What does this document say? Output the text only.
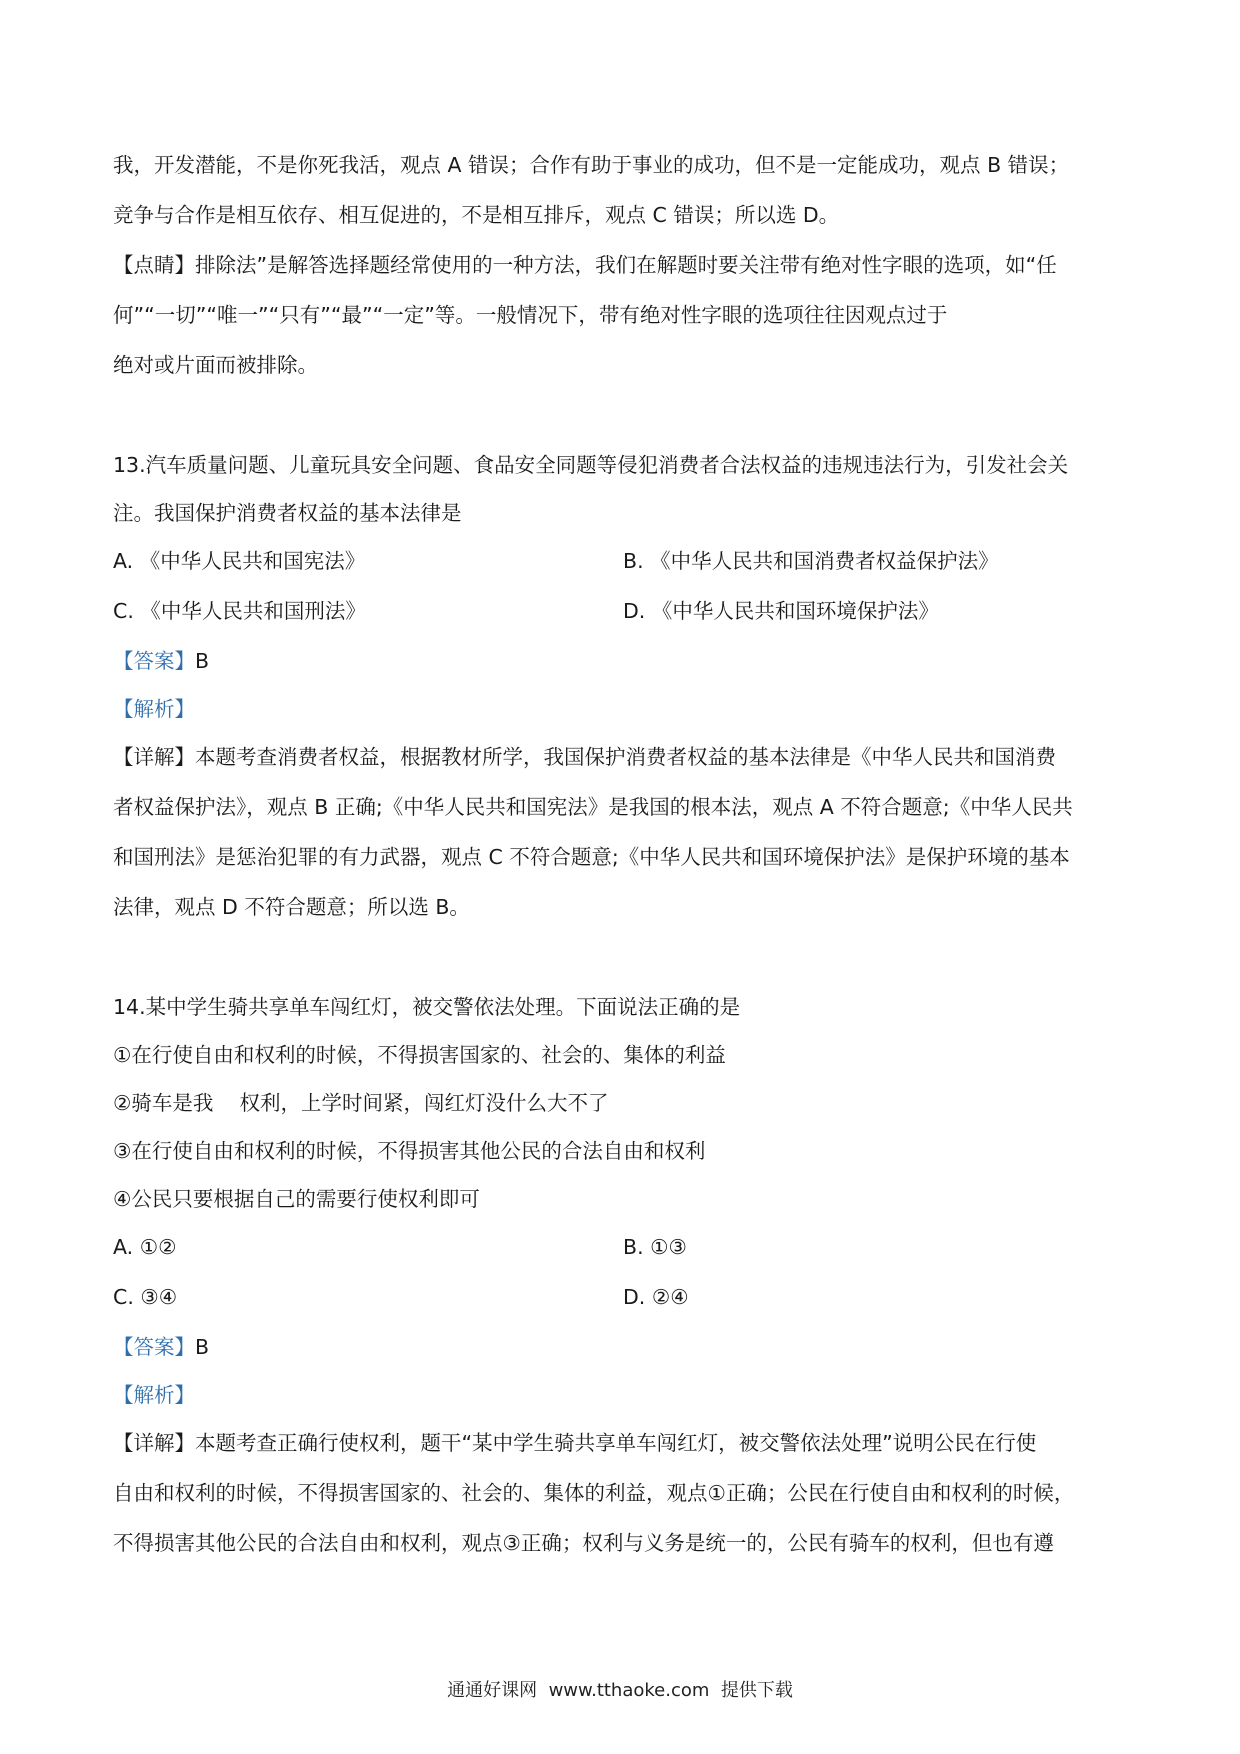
我，开发潜能，不是你死我活，观点 A 错误；合作有助于事业的成功，但不是一定能成功，观点 B 错误；
竞争与合作是相互依存、相互促进的，不是相互排斥，观点 C 错误；所以选 D。
【点睛】排除法”是解答选择题经常使用的一种方法，我们在解题时要关注带有绝对性字眼的选项，如“任
何”“一切”“唯一”“只有”“最”“一定”等。一般情况下，带有绝对性字眼的选项往往因观点过于
绝对或片面而被排除。
13.汽车质量问题、儿童玩具安全问题、食品安全同题等侵犯消费者合法权益的违规违法行为，引发社会关
注。我国保护消费者权益的基本法律是
A. 《中华人民共和国宪法》	B. 《中华人民共和国消费者权益保护法》
C. 《中华人民共和国刑法》	D. 《中华人民共和国环境保护法》
【答案】B
【解析】
【详解】本题考查消费者权益，根据教材所学，我国保护消费者权益的基本法律是《中华人民共和国消费
者权益保护法》，观点 B 正确;《中华人民共和国宪法》是我国的根本法，观点 A 不符合题意;《中华人民共
和国刑法》是惩治犯罪的有力武器，观点 C 不符合题意;《中华人民共和国环境保护法》是保护环境的基本
法律，观点 D 不符合题意；所以选 B。
14.某中学生骑共享单车闯红灯，被交警依法处理。下面说法正确的是
①在行使自由和权利的时候，不得损害国家的、社会的、集体的利益
②骑车是我    权利，上学时间紧，闯红灯没什么大不了
③在行使自由和权利的时候，不得损害其他公民的合法自由和权利
④公民只要根据自己的需要行使权利即可
A. ①②	B. ①③
C. ③④	D. ②④
【答案】B
【解析】
【详解】本题考查正确行使权利，题干“某中学生骑共享单车闯红灯，被交警依法处理”说明公民在行使
自由和权利的时候，不得损害国家的、社会的、集体的利益，观点①正确；公民在行使自由和权利的时候，
不得损害其他公民的合法自由和权利，观点③正确；权利与义务是统一的，公民有骑车的权利，但也有遵
通通好课网  www.tthaoke.com  提供下载
